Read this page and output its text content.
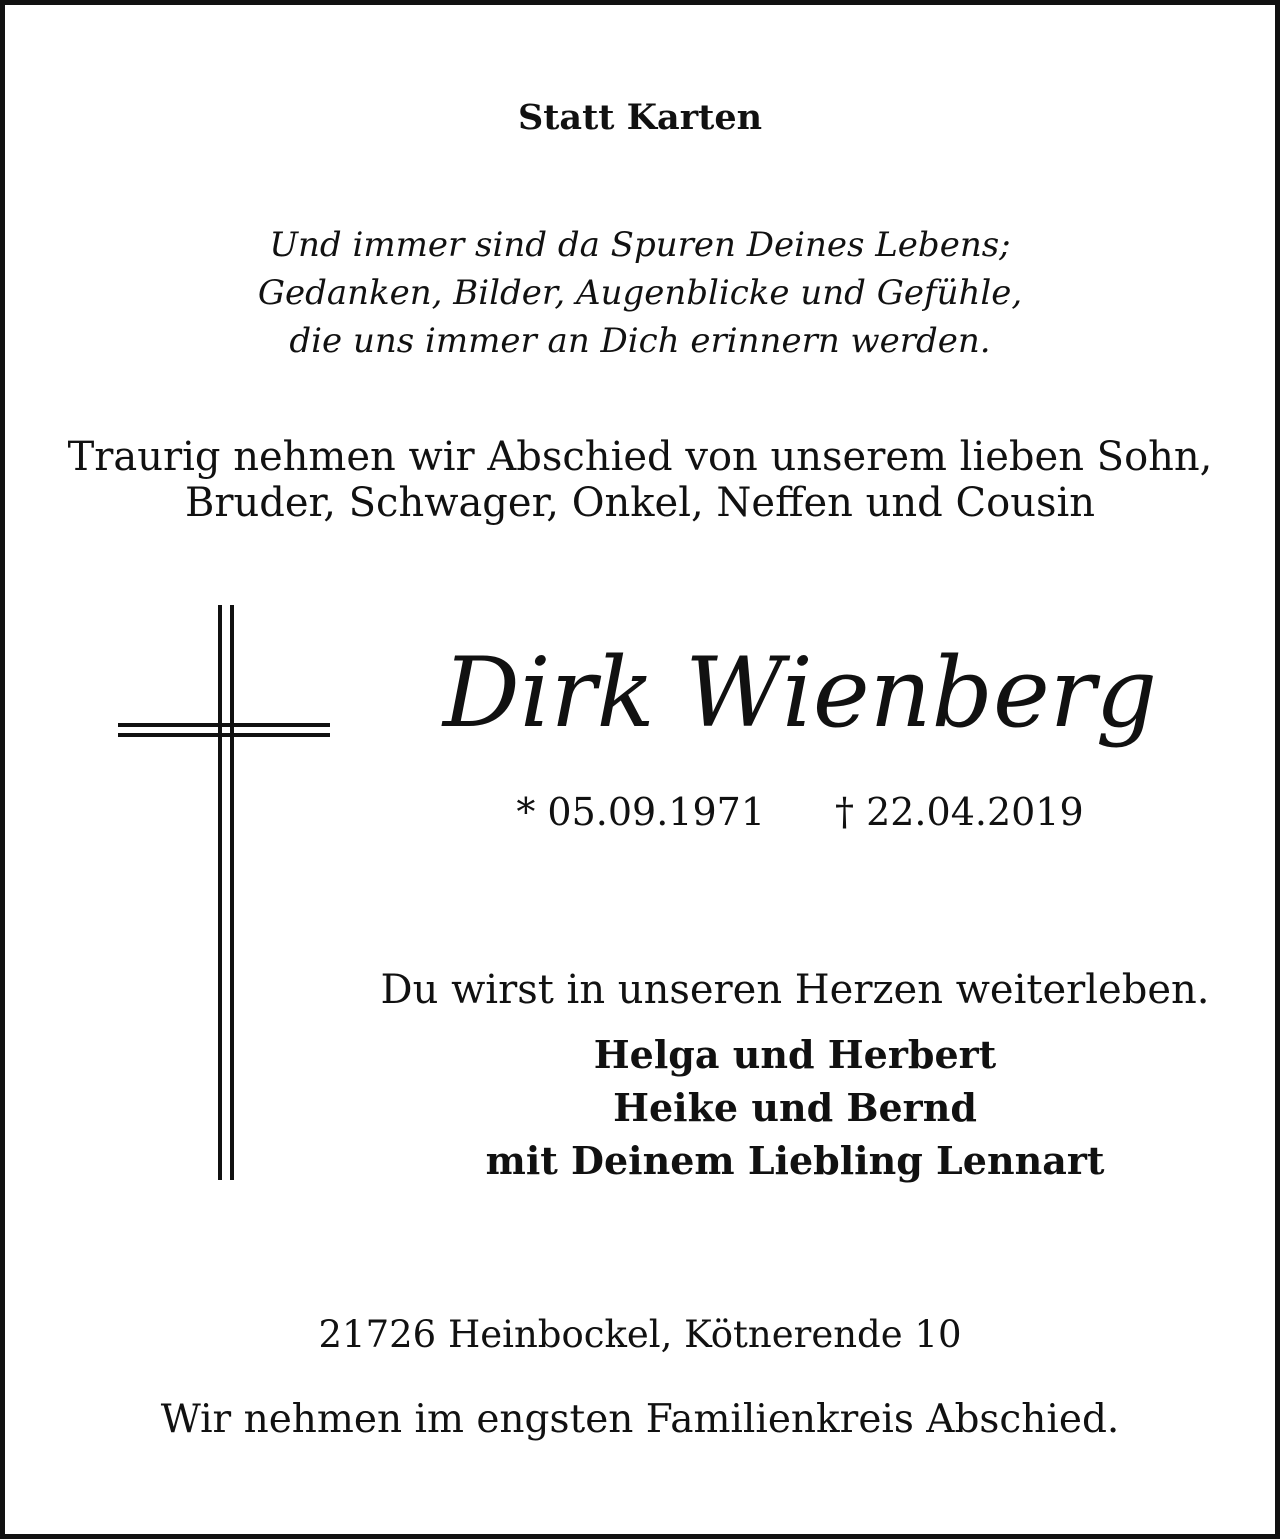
Statt Karten
Und immer sind da Spuren Deines Lebens;
Gedanken, Bilder, Augenblicke und Gefühle,
die uns immer an Dich erinnern werden.
Traurig nehmen wir Abschied von unserem lieben Sohn,
Bruder, Schwager, Onkel, Neffen und Cousin
Dirk Wienberg
* 05.09.1971 † 22.04.2019
Du wirst in unseren Herzen weiterleben.
Helga und Herbert
Heike und Bernd
mit Deinem Liebling Lennart
21726 Heinbockel, Kötnerende 10
Wir nehmen im engsten Familienkreis Abschied.
